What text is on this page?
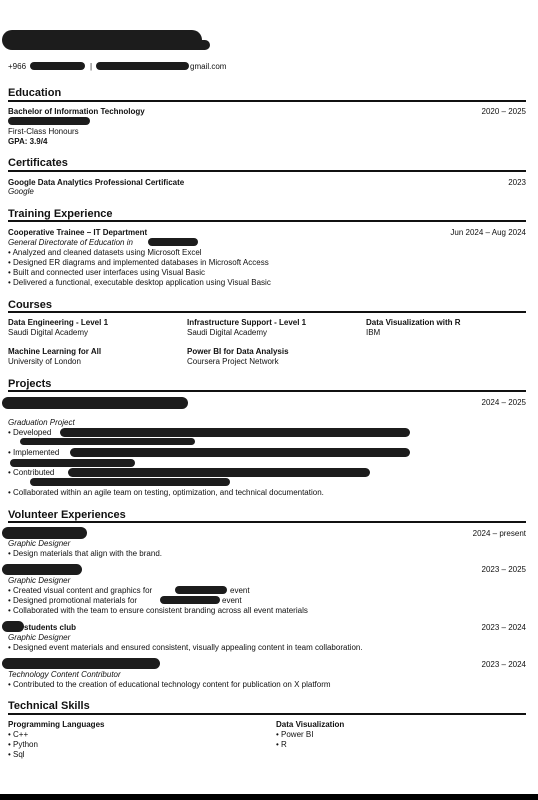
+966	|	gmail.com
Education
Bachelor of Information Technology	2020 – 2025
First-Class Honours
GPA: 3.9/4
Certificates
Google Data Analytics Professional Certificate	2023
Google
Training Experience
Cooperative Trainee – IT Department	Jun 2024 – Aug 2024
General Directorate of Education in
• Analyzed and cleaned datasets using Microsoft Excel
• Designed ER diagrams and implemented databases in Microsoft Access
• Built and connected user interfaces using Visual Basic
• Delivered a functional, executable desktop application using Visual Basic
Courses
Data Engineering - Level 1
Saudi Digital Academy
Infrastructure Support - Level 1
Saudi Digital Academy
Data Visualization with R
IBM
Machine Learning for All
University of London
Power BI for Data Analysis
Coursera Project Network
Projects
2024 – 2025
Graduation Project
• Developed
• Implemented
• Contributed
• Collaborated within an agile team on testing, optimization, and technical documentation.
Volunteer Experiences
2024 – present
Graphic Designer
• Design materials that align with the brand.
2023 – 2025
Graphic Designer
• Created visual content and graphics for	event
• Designed promotional materials for	event
• Collaborated with the team to ensure consistent branding across all event materials
students club	2023 – 2024
Graphic Designer
• Designed event materials and ensured consistent, visually appealing content in team collaboration.
2023 – 2024
Technology Content Contributor
• Contributed to the creation of educational technology content for publication on X platform
Technical Skills
Programming Languages
• C++
• Python
• Sql
Data Visualization
• Power BI
• R
